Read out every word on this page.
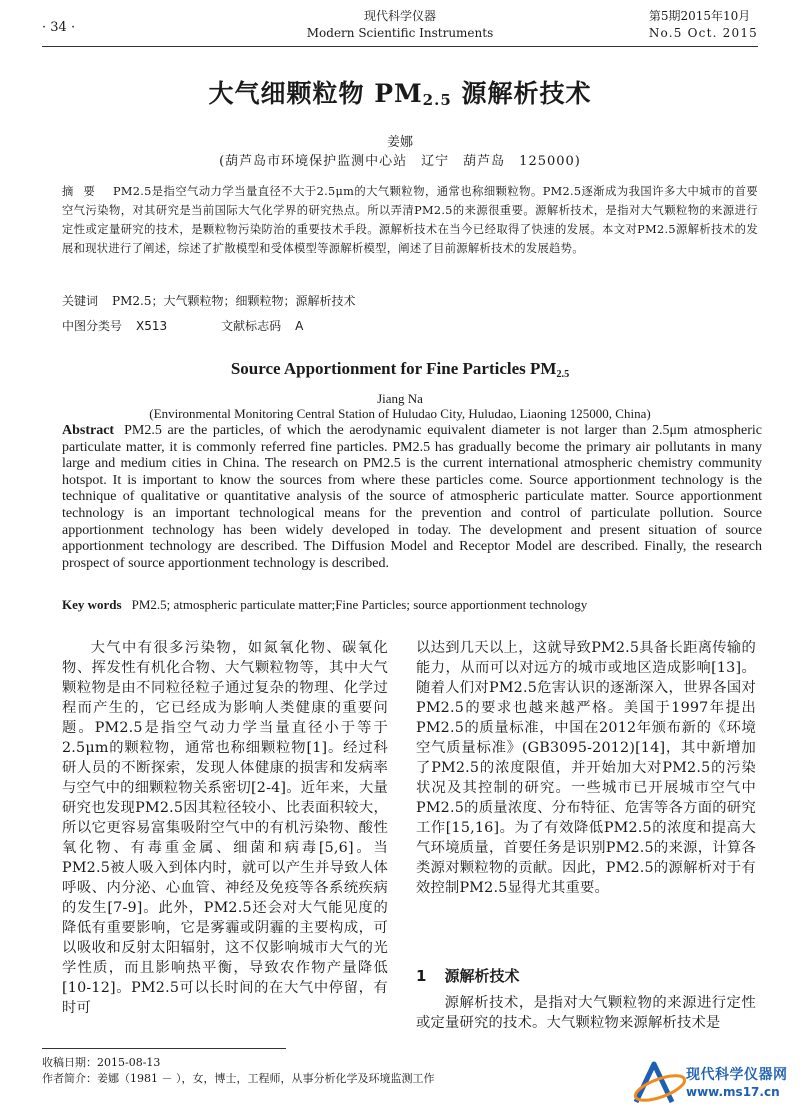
· 34 ·
现代科学仪器
Modern Scientific Instruments
第5期2015年10月
No.5 Oct. 2015
大气细颗粒物 $PM_{2.5}$ 源解析技术
姜娜
(葫芦岛市环境保护监测中心站　辽宁　葫芦岛　125000)
摘要 PM2.5是指空气动力学当量直径不大于2.5μm的大气颗粒物，通常也称细颗粒物。PM2.5逐渐成为我国许多大中城市的首要空气污染物，对其研究是当前国际大气化学界的研究热点。所以弄清PM2.5的来源很重要。源解析技术，是指对大气颗粒物的来源进行定性或定量研究的技术，是颗粒物污染防治的重要技术手段。源解析技术在当今已经取得了快速的发展。本文对PM2.5源解析技术的发展和现状进行了阐述，综述了扩散模型和受体模型等源解析模型，阐述了目前源解析技术的发展趋势。
关键词 PM2.5；大气颗粒物；细颗粒物；源解析技术
中图分类号 X513	文献标志码 A
Source Apportionment for Fine Particles $PM_{2.5}$
Jiang Na
(Environmental Monitoring Central Station of Huludao City, Huludao, Liaoning 125000, China)
Abstract PM2.5 are the particles, of which the aerodynamic equivalent diameter is not larger than 2.5μm atmospheric particulate matter, it is commonly referred fine particles. PM2.5 has gradually become the primary air pollutants in many large and medium cities in China. The research on PM2.5 is the current international atmospheric chemistry community hotspot. It is important to know the sources from where these particles come. Source apportionment technology is the technique of qualitative or quantitative analysis of the source of atmospheric particulate matter. Source apportionment technology is an important technological means for the prevention and control of particulate pollution. Source apportionment technology has been widely developed in today. The development and present situation of source apportionment technology are described. The Diffusion Model and Receptor Model are described. Finally, the research prospect of source apportionment technology is described.
Key words PM2.5; atmospheric particulate matter;Fine Particles; source apportionment technology

大气中有很多污染物，如氮氧化物、碳氧化物、挥发性有机化合物、大气颗粒物等，其中大气颗粒物是由不同粒径粒子通过复杂的物理、化学过程而产生的，它已经成为影响人类健康的重要问题。PM2.5是指空气动力学当量直径小于等于2.5μm的颗粒物，通常也称细颗粒物[1]。经过科研人员的不断探索，发现人体健康的损害和发病率与空气中的细颗粒物关系密切[2-4]。近年来，大量研究也发现PM2.5因其粒径较小、比表面积较大，所以它更容易富集吸附空气中的有机污染物、酸性氧化物、有毒重金属、细菌和病毒[5,6]。当PM2.5被人吸入到体内时，就可以产生并导致人体呼吸、内分泌、心血管、神经及免疫等各系统疾病的发生[7-9]。此外，PM2.5还会对大气能见度的降低有重要影响，它是雾霾或阴霾的主要构成，可以吸收和反射太阳辐射，这不仅影响城市大气的光学性质，而且影响热平衡，导致农作物产量降低[10-12]。PM2.5可以长时间的在大气中停留，有时可

以达到几天以上，这就导致PM2.5具备长距离传输的能力，从而可以对远方的城市或地区造成影响[13]。随着人们对PM2.5危害认识的逐渐深入，世界各国对PM2.5的要求也越来越严格。美国于1997年提出PM2.5的质量标准，中国在2012年颁布新的《环境空气质量标准》(GB3095-2012)[14]，其中新增加了PM2.5的浓度限值，并开始加大对PM2.5的污染状况及其控制的研究。一些城市已开展城市空气中PM2.5的质量浓度、分布特征、危害等各方面的研究工作[15,16]。为了有效降低PM2.5的浓度和提高大气环境质量，首要任务是识别PM2.5的来源，计算各类源对颗粒物的贡献。因此，PM2.5的源解析对于有效控制PM2.5显得尤其重要。

1 源解析技术

源解析技术，是指对大气颗粒物的来源进行定性或定量研究的技术。大气颗粒物来源解析技术是

收稿日期：2015-08-13
作者简介：姜娜（1981 － ），女，博士，工程师，从事分析化学及环境监测工作	现代科学仪器网
www.ms17.cn
